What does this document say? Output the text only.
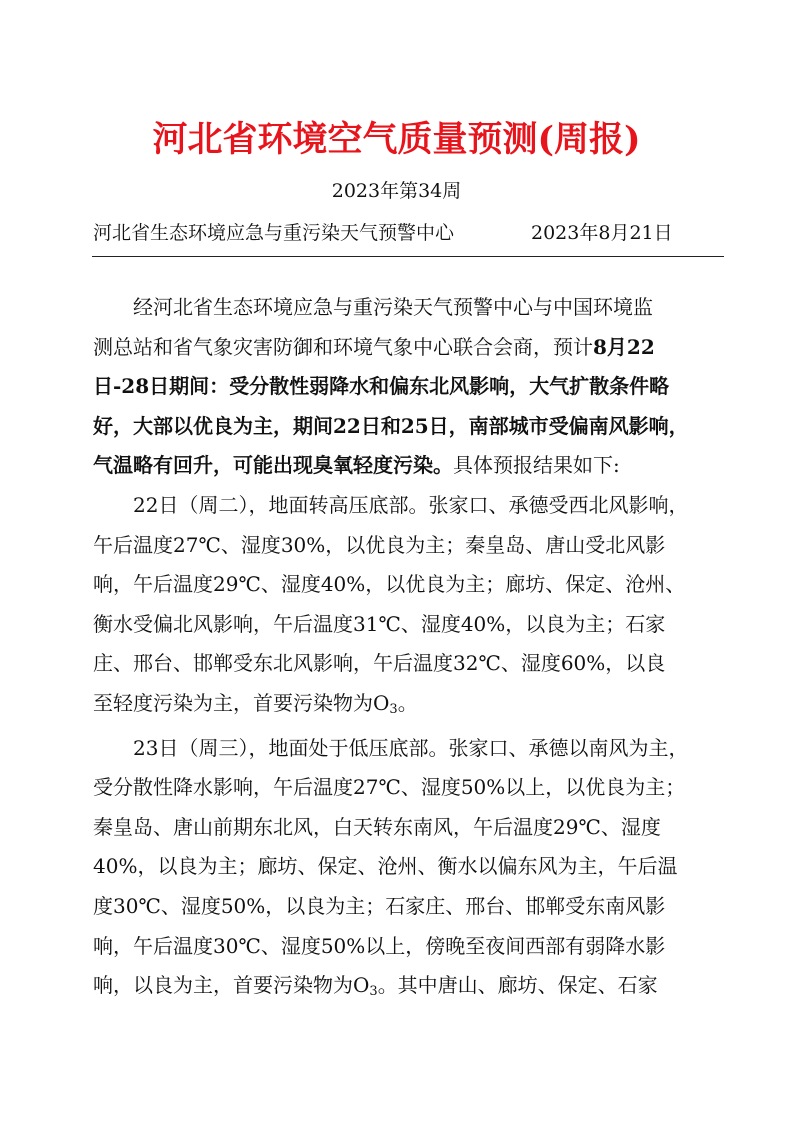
河北省环境空气质量预测(周报)
2023年第34周
河北省生态环境应急与重污染天气预警中心	2023年8月21日
经河北省生态环境应急与重污染天气预警中心与中国环境监
测总站和省气象灾害防御和环境气象中心联合会商，预计8月22
日-28日期间：受分散性弱降水和偏东北风影响，大气扩散条件略
好，大部以优良为主，期间22日和25日，南部城市受偏南风影响，
气温略有回升，可能出现臭氧轻度污染。 具体预报结果如下:
22日（周二），地面转高压底部。张家口、承德受西北风影响，
午后温度27℃、湿度30%，以优良为主；秦皇岛、唐山受北风影
响，午后温度29℃、湿度40%，以优良为主；廊坊、保定、沧州、
衡水受偏北风影响，午后温度31℃、湿度40%，以良为主；石家
庄、邢台、邯郸受东北风影响，午后温度32℃、湿度60%，以良
至轻度污染为主，首要污染物为$O_3$。
23日（周三），地面处于低压底部。张家口、承德以南风为主，
受分散性降水影响，午后温度27℃、湿度50%以上，以优良为主；
秦皇岛、唐山前期东北风，白天转东南风，午后温度29℃、湿度
40%，以良为主；廊坊、保定、沧州、衡水以偏东风为主，午后温
度30℃、湿度50%，以良为主；石家庄、邢台、邯郸受东南风影
响，午后温度30℃、湿度50%以上，傍晚至夜间西部有弱降水影
响，以良为主，首要污染物为$O_3$。其中唐山、廊坊、保定、石家
